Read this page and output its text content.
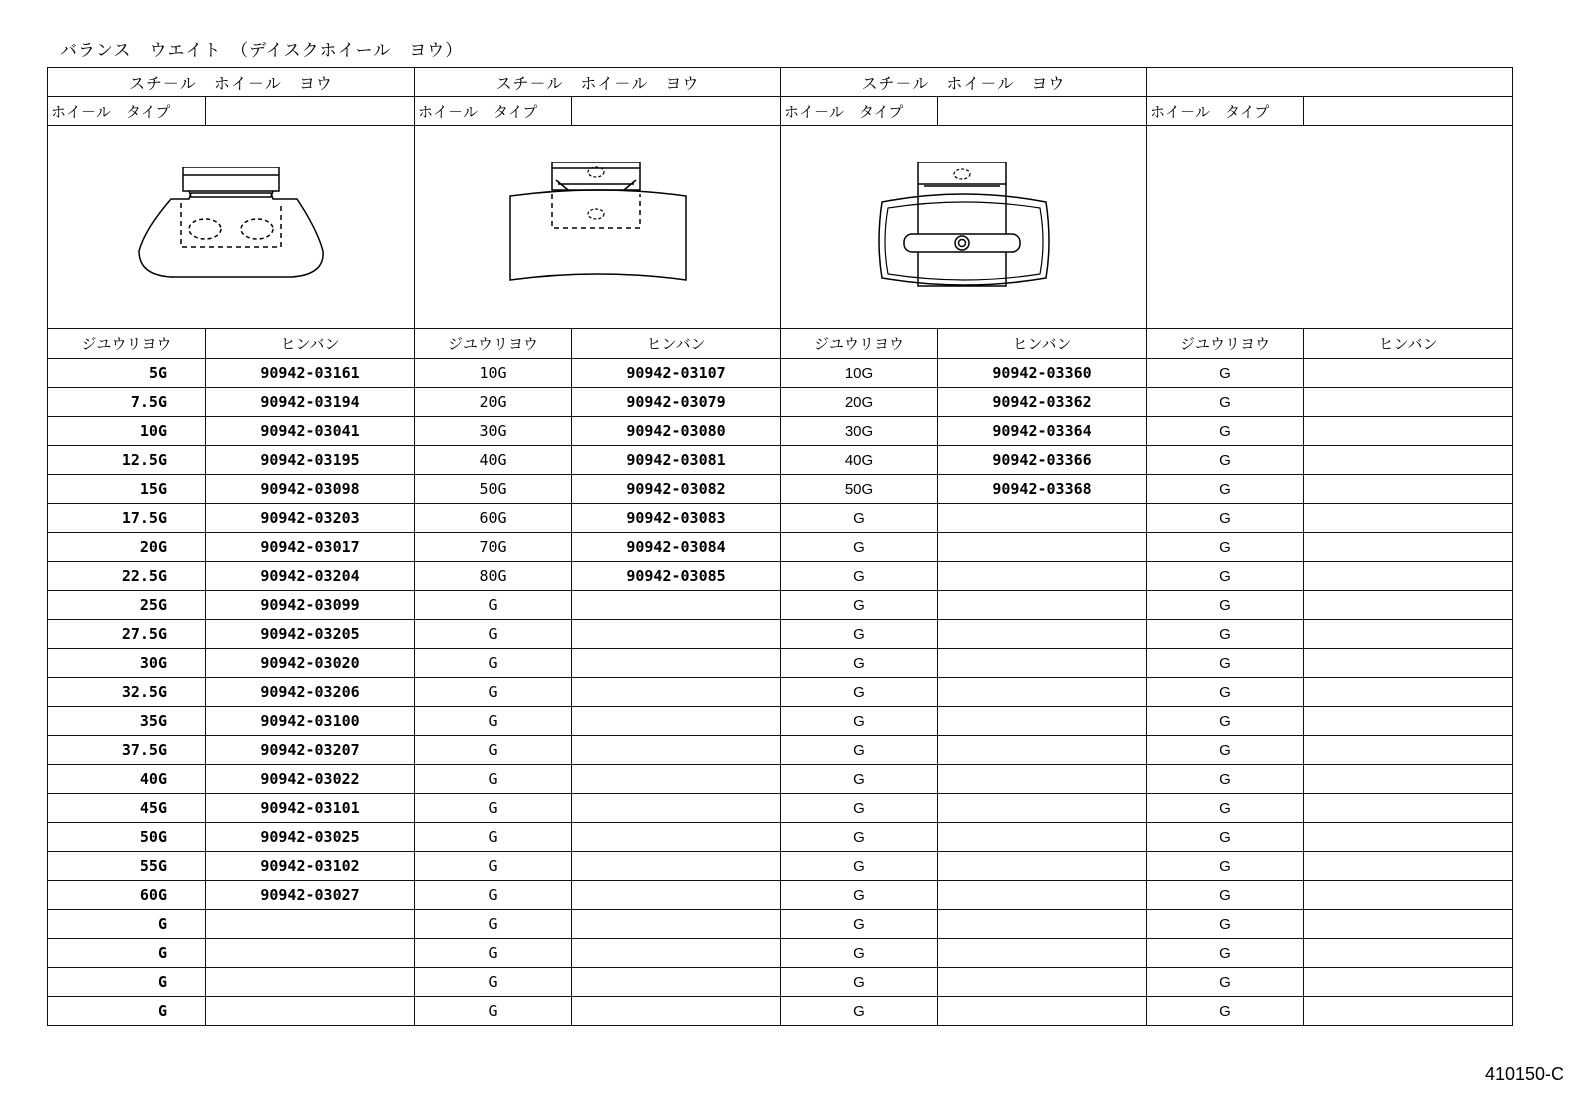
バランス　ウエイト　（デイスクホイール　ヨウ）
スチ－ル　ホイ－ル　ヨウ		スチ－ル　ホイ－ル　ヨウ		スチ－ル　ホイ－ル　ヨウ			
ホイ－ル　タイプ		ホイ－ル　タイプ		ホイ－ル　タイプ		ホイ－ル　タイプ	

ジユウリヨウ	ヒンバン	ジユウリヨウ	ヒンバン	ジユウリヨウ	ヒンバン	ジユウリヨウ	ヒンバン
5G	90942-03161	10G	90942-03107	10G	90942-03360	G	
7.5G	90942-03194	20G	90942-03079	20G	90942-03362	G	
10G	90942-03041	30G	90942-03080	30G	90942-03364	G	
12.5G	90942-03195	40G	90942-03081	40G	90942-03366	G	
15G	90942-03098	50G	90942-03082	50G	90942-03368	G	
17.5G	90942-03203	60G	90942-03083	G		G	
20G	90942-03017	70G	90942-03084	G		G	
22.5G	90942-03204	80G	90942-03085	G		G	
25G	90942-03099	G		G		G	
27.5G	90942-03205	G		G		G	
30G	90942-03020	G		G		G	
32.5G	90942-03206	G		G		G	
35G	90942-03100	G		G		G	
37.5G	90942-03207	G		G		G	
40G	90942-03022	G		G		G	
45G	90942-03101	G		G		G	
50G	90942-03025	G		G		G	
55G	90942-03102	G		G		G	
60G	90942-03027	G		G		G	
G		G		G		G	
G		G		G		G	
G		G		G		G	
G		G		G		G	
410150-C
